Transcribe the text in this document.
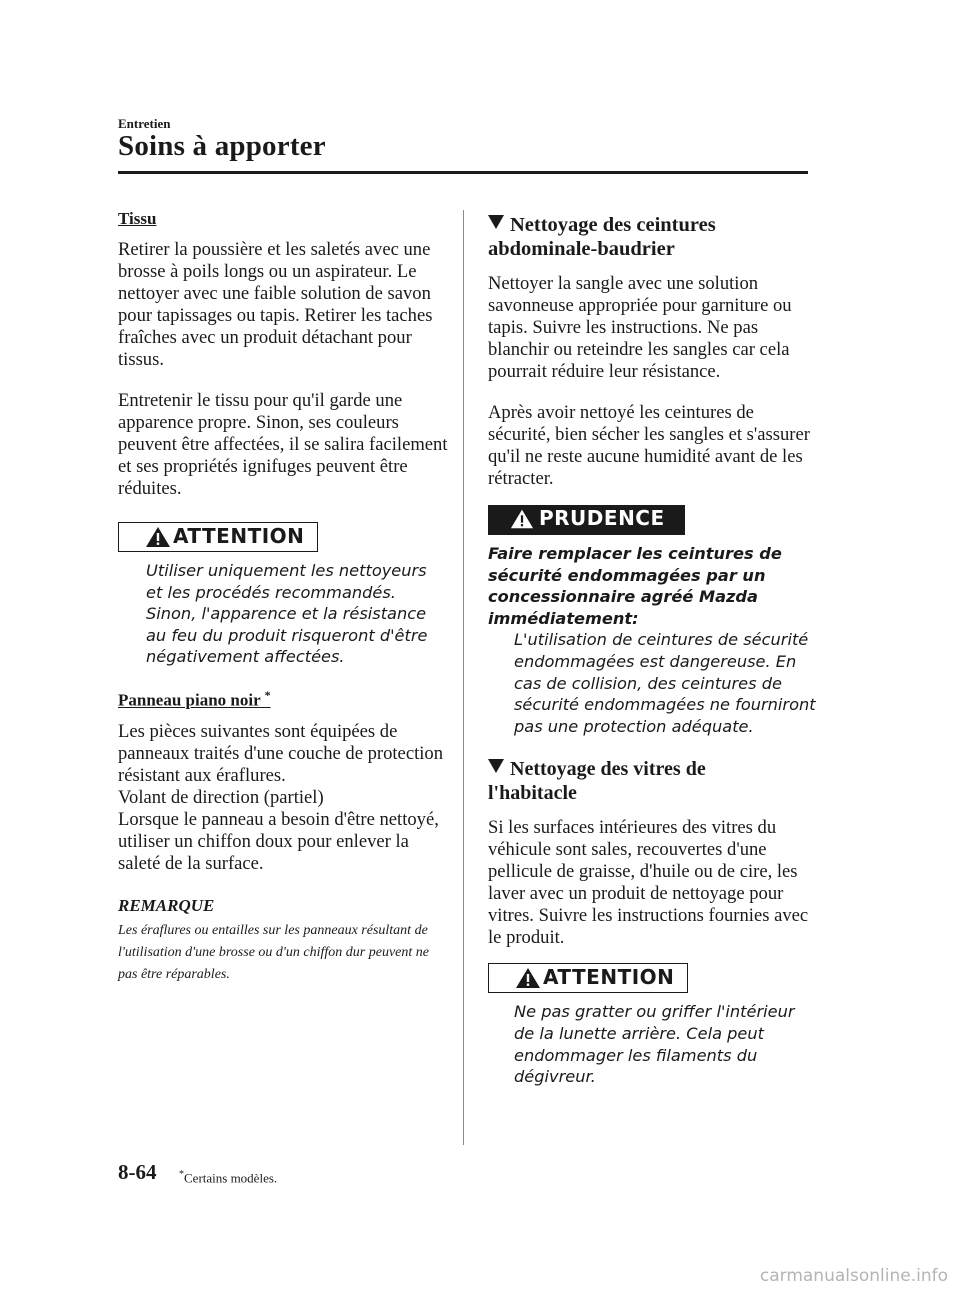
Entretien
Soins à apporter
Tissu

Retirer la poussière et les saletés avec une brosse à poils longs ou un aspirateur. Le nettoyer avec une faible solution de savon pour tapissages ou tapis. Retirer les taches fraîches avec un produit détachant pour tissus.

Entretenir le tissu pour qu'il garde une apparence propre. Sinon, ses couleurs peuvent être affectées, il se salira facilement et ses propriétés ignifuges peuvent être réduites.

ATTENTION
Utiliser uniquement les nettoyeurs et les procédés recommandés. Sinon, l'apparence et la résistance au feu du produit risqueront d'être négativement affectées.
Panneau piano noir *

Les pièces suivantes sont équipées de panneaux traités d'une couche de protection résistant aux éraflures.
Volant de direction (partiel)
Lorsque le panneau a besoin d'être nettoyé, utiliser un chiffon doux pour enlever la saleté de la surface.

REMARQUE
Les éraflures ou entailles sur les panneaux résultant de l'utilisation d'une brosse ou d'un chiffon dur peuvent ne pas être réparables.
Nettoyage des ceintures
abdominale-baudrier

Nettoyer la sangle avec une solution savonneuse appropriée pour garniture ou tapis. Suivre les instructions. Ne pas blanchir ou reteindre les sangles car cela pourrait réduire leur résistance.

Après avoir nettoyé les ceintures de sécurité, bien sécher les sangles et s'assurer qu'il ne reste aucune humidité avant de les rétracter.

PRUDENCE
Faire remplacer les ceintures de sécurité endommagées par un concessionnaire agréé Mazda immédiatement:
L'utilisation de ceintures de sécurité endommagées est dangereuse. En cas de collision, des ceintures de sécurité endommagées ne fourniront pas une protection adéquate.
Nettoyage des vitres de l'habitacle

Si les surfaces intérieures des vitres du véhicule sont sales, recouvertes d'une pellicule de graisse, d'huile ou de cire, les laver avec un produit de nettoyage pour vitres. Suivre les instructions fournies avec le produit.

ATTENTION
Ne pas gratter ou griffer l'intérieur de la lunette arrière. Cela peut endommager les filaments du dégivreur.
8-64 *Certains modèles.
carmanualsonline.info
